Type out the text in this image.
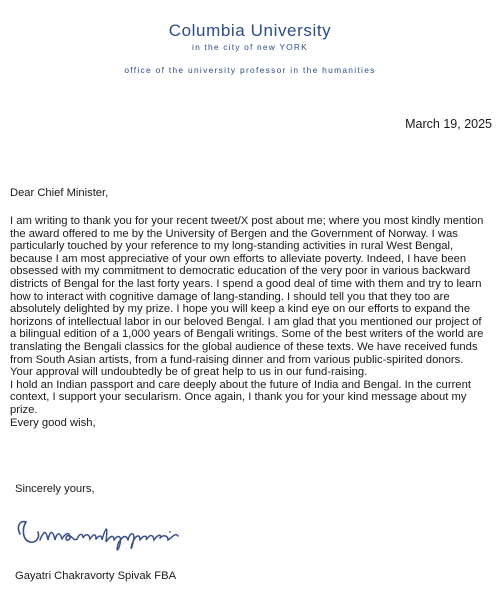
Columbia University
in the city of new YORK
office of the university professor in the humanities
March 19, 2025
Dear Chief Minister,

I am writing to thank you for your recent tweet/X post about me; where you most kindly mention

the award offered to me by the University of Bergen and the Government of Norway. I was

particularly touched by your reference to my long-standing activities in rural West Bengal,

because I am most appreciative of your own efforts to alleviate poverty. Indeed, I have been

obsessed with my commitment to democratic education of the very poor in various backward

districts of Bengal for the last forty years. I spend a good deal of time with them and try to learn

how to interact with cognitive damage of lang-standing. I should tell you that they too are

absolutely delighted by my prize. I hope you will keep a kind eye on our efforts to expand the

horizons of intellectual labor in our beloved Bengal. I am glad that you mentioned our project of

a bilingual edition of a 1,000 years of Bengali writings. Some of the best writers of the world are

translating the Bengali classics for the global audience of these texts. We have received funds

from South Asian artists, from a fund-raising dinner and from various public-spirited donors.

Your approval will undoubtedly be of great help to us in our fund-raising.

I hold an Indian passport and care deeply about the future of India and Bengal. In the current

context, I support your secularism. Once again, I thank you for your kind message about my

prize.

Every good wish,

Sincerely yours,
Gayatri Chakravorty Spivak FBA
